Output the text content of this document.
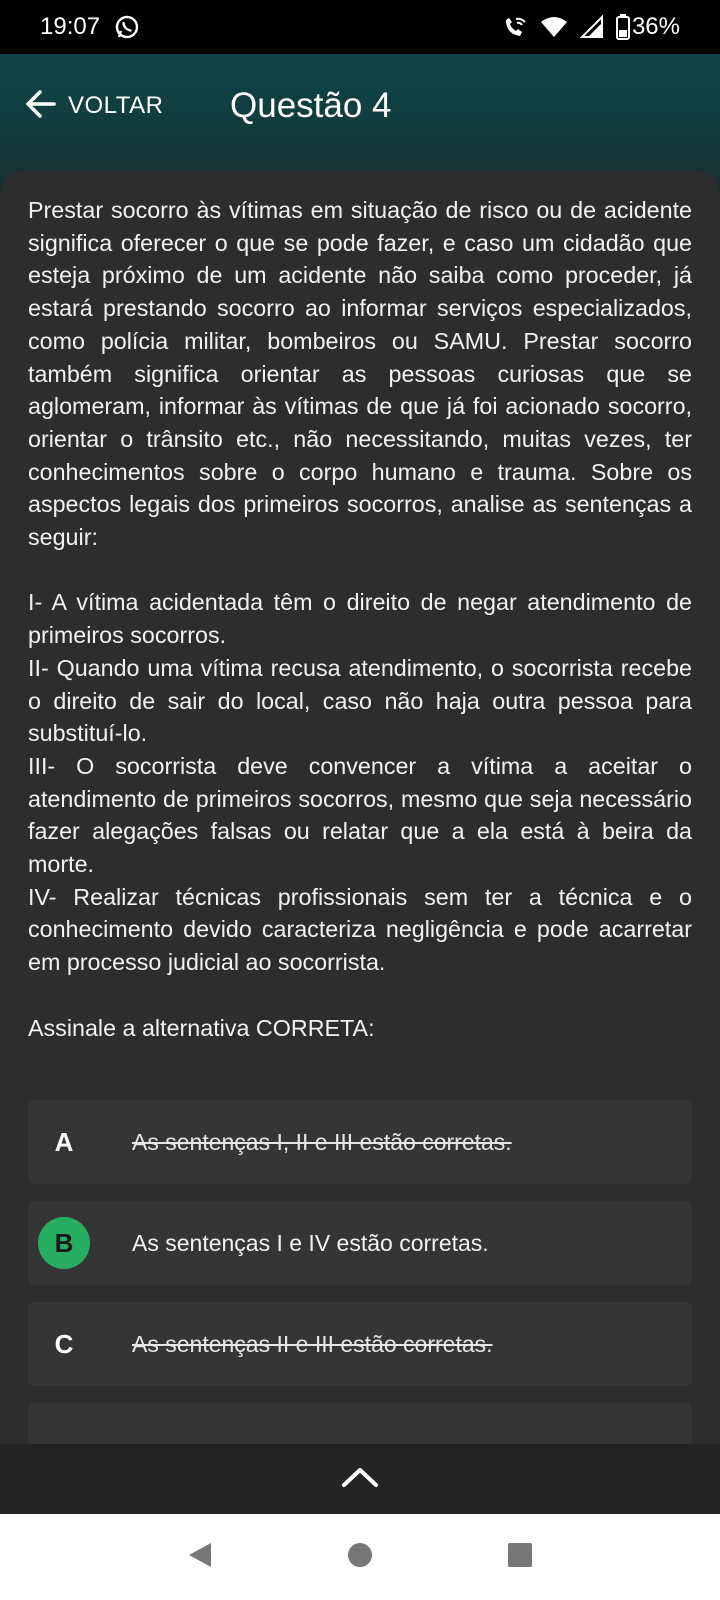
19:07	36%
VOLTAR Questão 4

Prestar socorro às vítimas em situação de risco ou de acidente significa oferecer o que se pode fazer, e caso um cidadão que esteja próximo de um acidente não saiba como proceder, já estará prestando socorro ao informar serviços especializados, como polícia militar, bombeiros ou SAMU. Prestar socorro também significa orientar as pessoas curiosas que se aglomeram, informar às vítimas de que já foi acionado socorro, orientar o trânsito etc., não necessitando, muitas vezes, ter conhecimentos sobre o corpo humano e trauma. Sobre os aspectos legais dos primeiros socorros, analise as sentenças a seguir:

I- A vítima acidentada têm o direito de negar atendimento de primeiros socorros.

II- Quando uma vítima recusa atendimento, o socorrista recebe o direito de sair do local, caso não haja outra pessoa para substituí-lo.

III- O socorrista deve convencer a vítima a aceitar o atendimento de primeiros socorros, mesmo que seja necessário fazer alegações falsas ou relatar que a ela está à beira da morte.

IV- Realizar técnicas profissionais sem ter a técnica e o conhecimento devido caracteriza negligência e pode acarretar em processo judicial ao socorrista.

Assinale a alternativa CORRETA:

A	As sentenças I, II e III estão corretas.
B	As sentenças I e IV estão corretas.
C	As sentenças II e III estão corretas.
